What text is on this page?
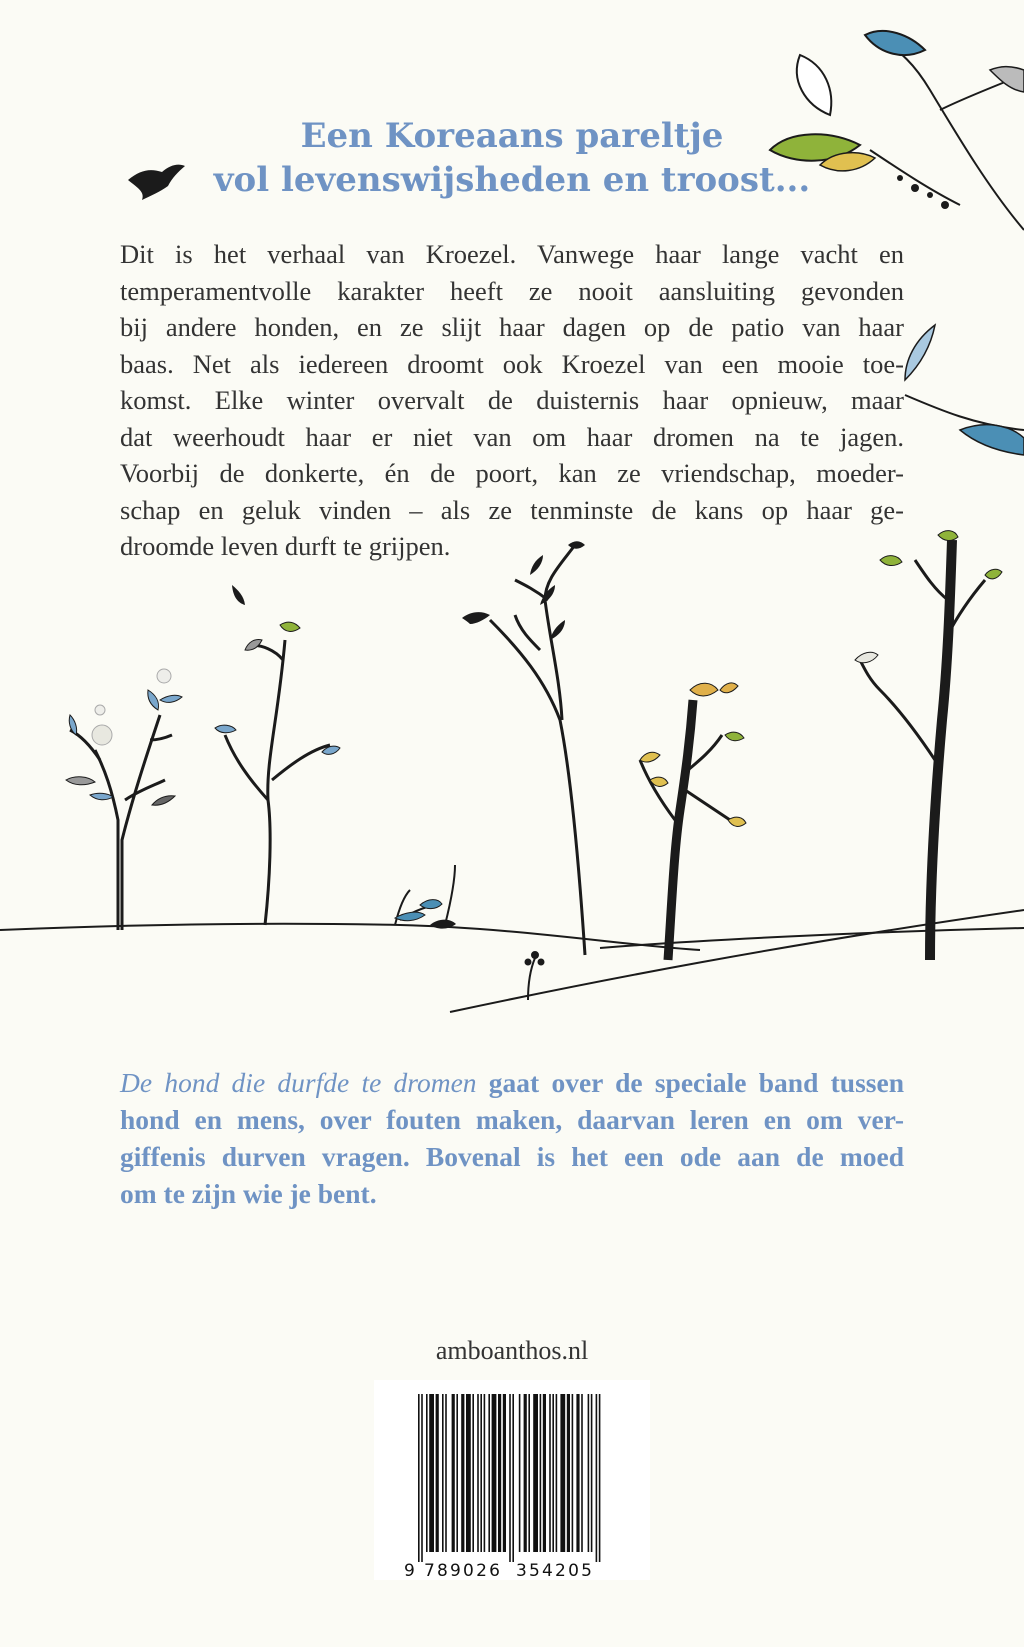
Een Koreaans pareltje
vol levenswijsheden en troost...

Dit is het verhaal van Kroezel. Vanwege haar lange vacht en
temperamentvolle karakter heeft ze nooit aansluiting gevonden
bij andere honden, en ze slijt haar dagen op de patio van haar
baas. Net als iedereen droomt ook Kroezel van een mooie toe-
komst. Elke winter overvalt de duisternis haar opnieuw, maar
dat weerhoudt haar er niet van om haar dromen na te jagen.
Voorbij de donkerte, én de poort, kan ze vriendschap, moeder-
schap en geluk vinden – als ze tenminste de kans op haar ge-
droomde leven durft te grijpen.

De hond die durfde te dromen gaat over de speciale band tussen
hond en mens, over fouten maken, daarvan leren en om ver-
giffenis durven vragen. Bovenal is het een ode aan de moed
om te zijn wie je bent.

amboanthos.nl

9 789026 354205
